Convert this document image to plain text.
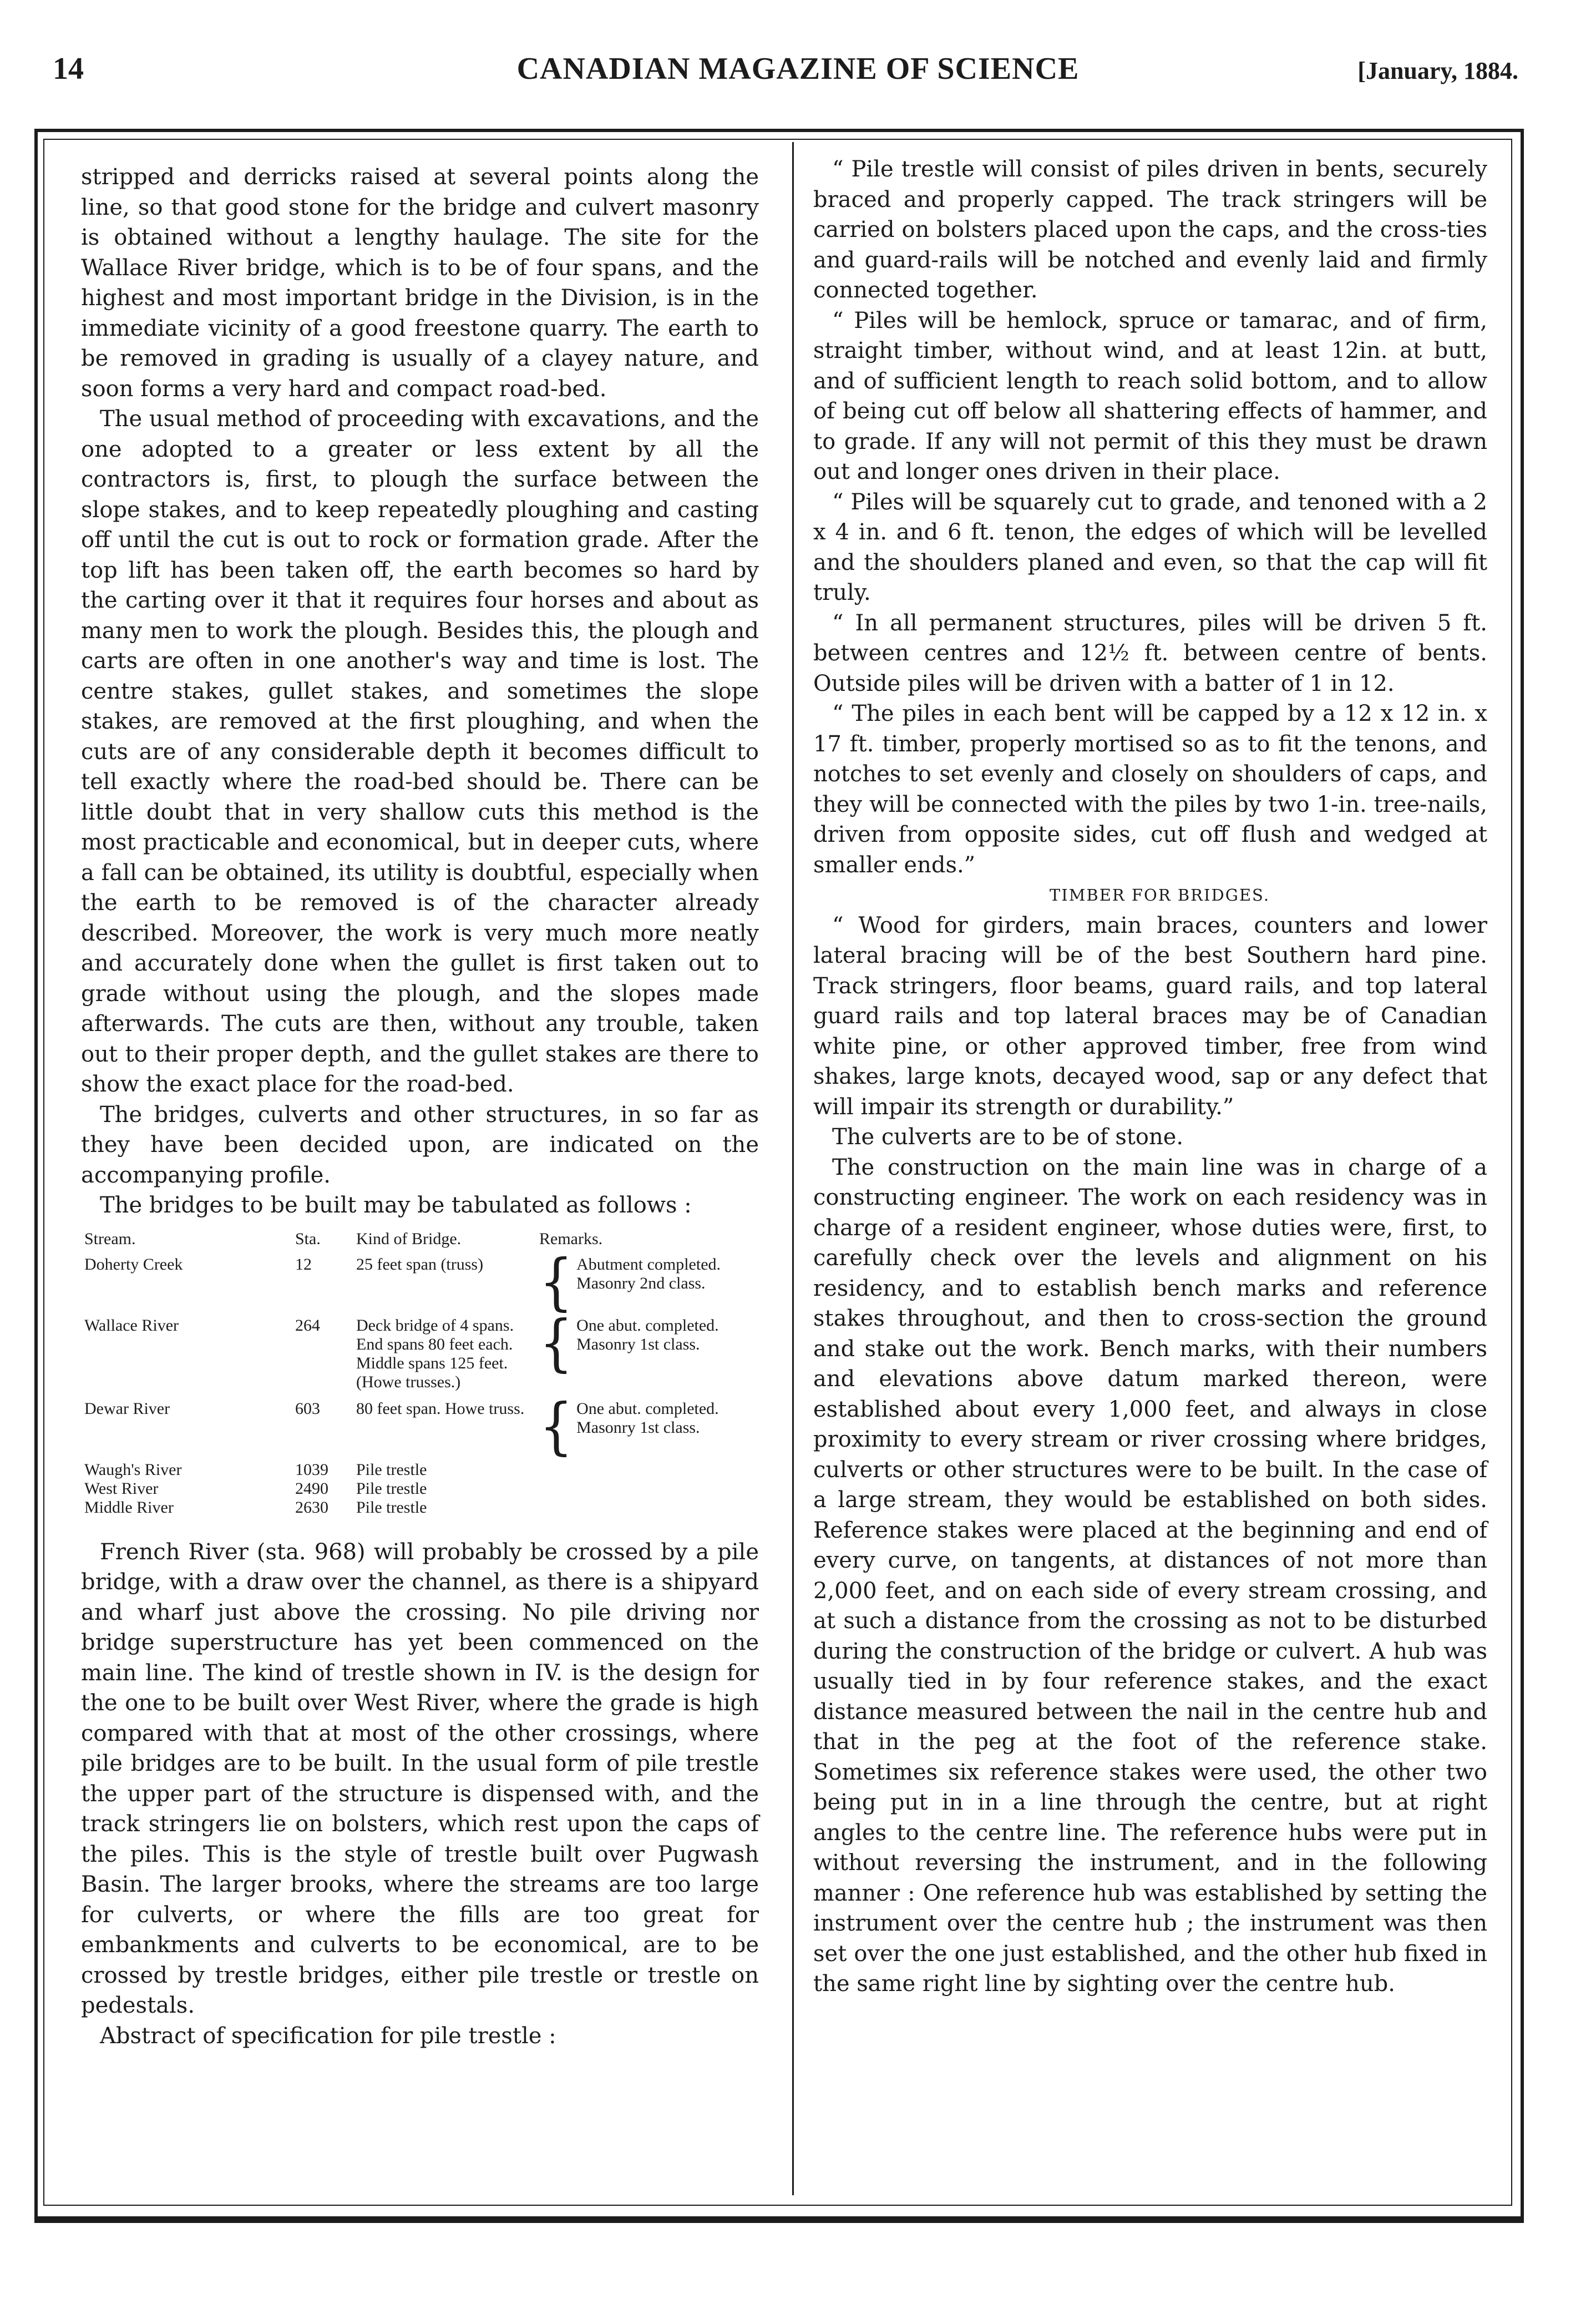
14	CANADIAN MAGAZINE OF SCIENCE	[January, 1884.

stripped and derricks raised at several points along the line, so that good stone for the bridge and culvert masonry is obtained without a lengthy haulage. The site for the Wallace River bridge, which is to be of four spans, and the highest and most important bridge in the Division, is in the immediate vicinity of a good freestone quarry. The earth to be removed in grading is usually of a clayey nature, and soon forms a very hard and compact road-bed.

The usual method of proceeding with excavations, and the one adopted to a greater or less extent by all the contractors is, first, to plough the surface between the slope stakes, and to keep repeatedly ploughing and casting off until the cut is out to rock or formation grade. After the top lift has been taken off, the earth becomes so hard by the carting over it that it requires four horses and about as many men to work the plough. Besides this, the plough and carts are often in one another's way and time is lost. The centre stakes, gullet stakes, and sometimes the slope stakes, are removed at the first ploughing, and when the cuts are of any considerable depth it becomes difficult to tell exactly where the road-bed should be. There can be little doubt that in very shallow cuts this method is the most practicable and economical, but in deeper cuts, where a fall can be obtained, its utility is doubtful, especially when the earth to be removed is of the character already described. Moreover, the work is very much more neatly and accurately done when the gullet is first taken out to grade without using the plough, and the slopes made afterwards. The cuts are then, without any trouble, taken out to their proper depth, and the gullet stakes are there to show the exact place for the road-bed.

The bridges, culverts and other structures, in so far as they have been decided upon, are indicated on the accompanying profile.

The bridges to be built may be tabulated as follows :

Stream.	Sta.	Kind of Bridge.	Remarks.
Doherty Creek	12	25 feet span (truss)	{ Abutment completed. Masonry 2nd class.

Wallace River	264	Deck bridge of 4 spans. End spans 80 feet each. Middle spans 125 feet. (Howe trusses.)	{ One abut. completed. Masonry 1st class.

Dewar River	603	80 feet span. Howe truss.	{ One abut. completed. Masonry 1st class.

Waugh's River	1039	Pile trestle	
West River	2490	Pile trestle	
Middle River	2630	Pile trestle	

French River (sta. 968) will probably be crossed by a pile bridge, with a draw over the channel, as there is a shipyard and wharf just above the crossing. No pile driving nor bridge superstructure has yet been commenced on the main line. The kind of trestle shown in IV. is the design for the one to be built over West River, where the grade is high compared with that at most of the other crossings, where pile bridges are to be built. In the usual form of pile trestle the upper part of the structure is dispensed with, and the track stringers lie on bolsters, which rest upon the caps of the piles. This is the style of trestle built over Pugwash Basin. The larger brooks, where the streams are too large for culverts, or where the fills are too great for embankments and culverts to be economical, are to be crossed by trestle bridges, either pile trestle or trestle on pedestals.

Abstract of specification for pile trestle :

“ Pile trestle will consist of piles driven in bents, securely braced and properly capped. The track stringers will be carried on bolsters placed upon the caps, and the cross-ties and guard-rails will be notched and evenly laid and firmly connected together.

“ Piles will be hemlock, spruce or tamarac, and of firm, straight timber, without wind, and at least 12in. at butt, and of sufficient length to reach solid bottom, and to allow of being cut off below all shattering effects of hammer, and to grade. If any will not permit of this they must be drawn out and longer ones driven in their place.

“ Piles will be squarely cut to grade, and tenoned with a 2 x 4 in. and 6 ft. tenon, the edges of which will be levelled and the shoulders planed and even, so that the cap will fit truly.

“ In all permanent structures, piles will be driven 5 ft. between centres and 12½ ft. between centre of bents. Outside piles will be driven with a batter of 1 in 12.

“ The piles in each bent will be capped by a 12 x 12 in. x 17 ft. timber, properly mortised so as to fit the tenons, and notches to set evenly and closely on shoulders of caps, and they will be connected with the piles by two 1-in. tree-nails, driven from opposite sides, cut off flush and wedged at smaller ends.”

TIMBER FOR BRIDGES.

“ Wood for girders, main braces, counters and lower lateral bracing will be of the best Southern hard pine. Track stringers, floor beams, guard rails, and top lateral guard rails and top lateral braces may be of Canadian white pine, or other approved timber, free from wind shakes, large knots, decayed wood, sap or any defect that will impair its strength or durability.”

The culverts are to be of stone.

The construction on the main line was in charge of a constructing engineer. The work on each residency was in charge of a resident engineer, whose duties were, first, to carefully check over the levels and alignment on his residency, and to establish bench marks and reference stakes throughout, and then to cross-section the ground and stake out the work. Bench marks, with their numbers and elevations above datum marked thereon, were established about every 1,000 feet, and always in close proximity to every stream or river crossing where bridges, culverts or other structures were to be built. In the case of a large stream, they would be established on both sides. Reference stakes were placed at the beginning and end of every curve, on tangents, at distances of not more than 2,000 feet, and on each side of every stream crossing, and at such a distance from the crossing as not to be disturbed during the construction of the bridge or culvert. A hub was usually tied in by four reference stakes, and the exact distance measured between the nail in the centre hub and that in the peg at the foot of the reference stake. Sometimes six reference stakes were used, the other two being put in in a line through the centre, but at right angles to the centre line. The reference hubs were put in without reversing the instrument, and in the following manner : One reference hub was established by setting the instrument over the centre hub ; the instrument was then set over the one just established, and the other hub fixed in the same right line by sighting over the centre hub.
